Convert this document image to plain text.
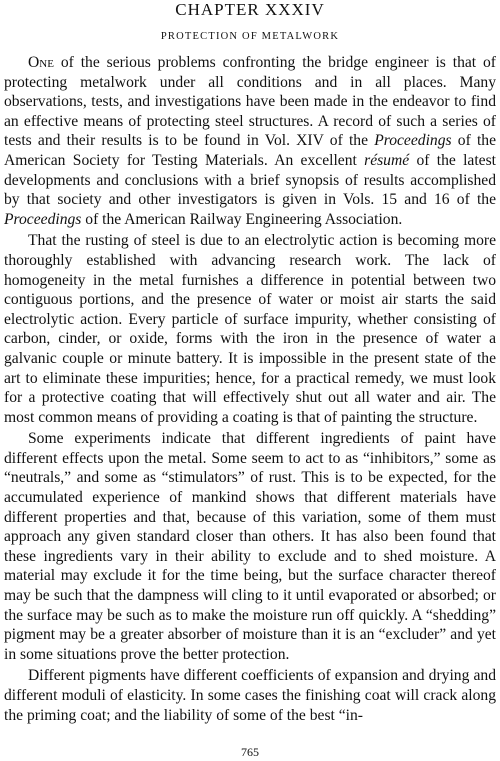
CHAPTER XXXIV
PROTECTION OF METALWORK

One of the serious problems confronting the bridge engineer is that of protecting metalwork under all conditions and in all places. Many observations, tests, and investigations have been made in the endeavor to find an effective means of protecting steel structures. A record of such a series of tests and their results is to be found in Vol. XIV of the Proceedings of the American Society for Testing Materials. An excellent résumé of the latest developments and conclusions with a brief synopsis of results accomplished by that society and other investigators is given in Vols. 15 and 16 of the Proceedings of the American Railway Engineering Association.

That the rusting of steel is due to an electrolytic action is becoming more thoroughly established with advancing research work. The lack of homogeneity in the metal furnishes a difference in potential between two contiguous portions, and the presence of water or moist air starts the said electrolytic action. Every particle of surface impurity, whether consisting of carbon, cinder, or oxide, forms with the iron in the presence of water a galvanic couple or minute battery. It is impossible in the present state of the art to eliminate these impurities; hence, for a practical remedy, we must look for a protective coating that will effectively shut out all water and air. The most common means of providing a coating is that of painting the structure.

Some experiments indicate that different ingredients of paint have different effects upon the metal. Some seem to act to as “inhibitors,” some as “neutrals,” and some as “stimulators” of rust. This is to be expected, for the accumulated experience of mankind shows that different materials have different properties and that, because of this variation, some of them must approach any given standard closer than others. It has also been found that these ingredients vary in their ability to exclude and to shed moisture. A material may exclude it for the time being, but the surface character thereof may be such that the dampness will cling to it until evaporated or absorbed; or the surface may be such as to make the moisture run off quickly. A “shedding” pigment may be a greater absorber of moisture than it is an “excluder” and yet in some situations prove the better protection.

Different pigments have different coefficients of expansion and drying and different moduli of elasticity. In some cases the finishing coat will crack along the priming coat; and the liability of some of the best “in-

765
